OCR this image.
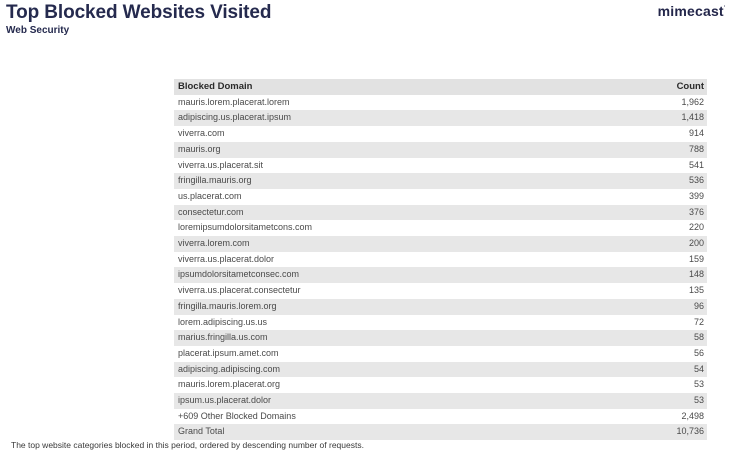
Top Blocked Websites Visited
Web Security
mimecast·
Blocked Domain	Count
mauris.lorem.placerat.lorem	1,962
adipiscing.us.placerat.ipsum	1,418
viverra.com	914
mauris.org	788
viverra.us.placerat.sit	541
fringilla.mauris.org	536
us.placerat.com	399
consectetur.com	376
loremipsumdolorsitametcons.com	220
viverra.lorem.com	200
viverra.us.placerat.dolor	159
ipsumdolorsitametconsec.com	148
viverra.us.placerat.consectetur	135
fringilla.mauris.lorem.org	96
lorem.adipiscing.us.us	72
marius.fringilla.us.com	58
placerat.ipsum.amet.com	56
adipiscing.adipiscing.com	54
mauris.lorem.placerat.org	53
ipsum.us.placerat.dolor	53
+609 Other Blocked Domains	2,498
Grand Total	10,736
The top website categories blocked in this period, ordered by descending number of requests.
